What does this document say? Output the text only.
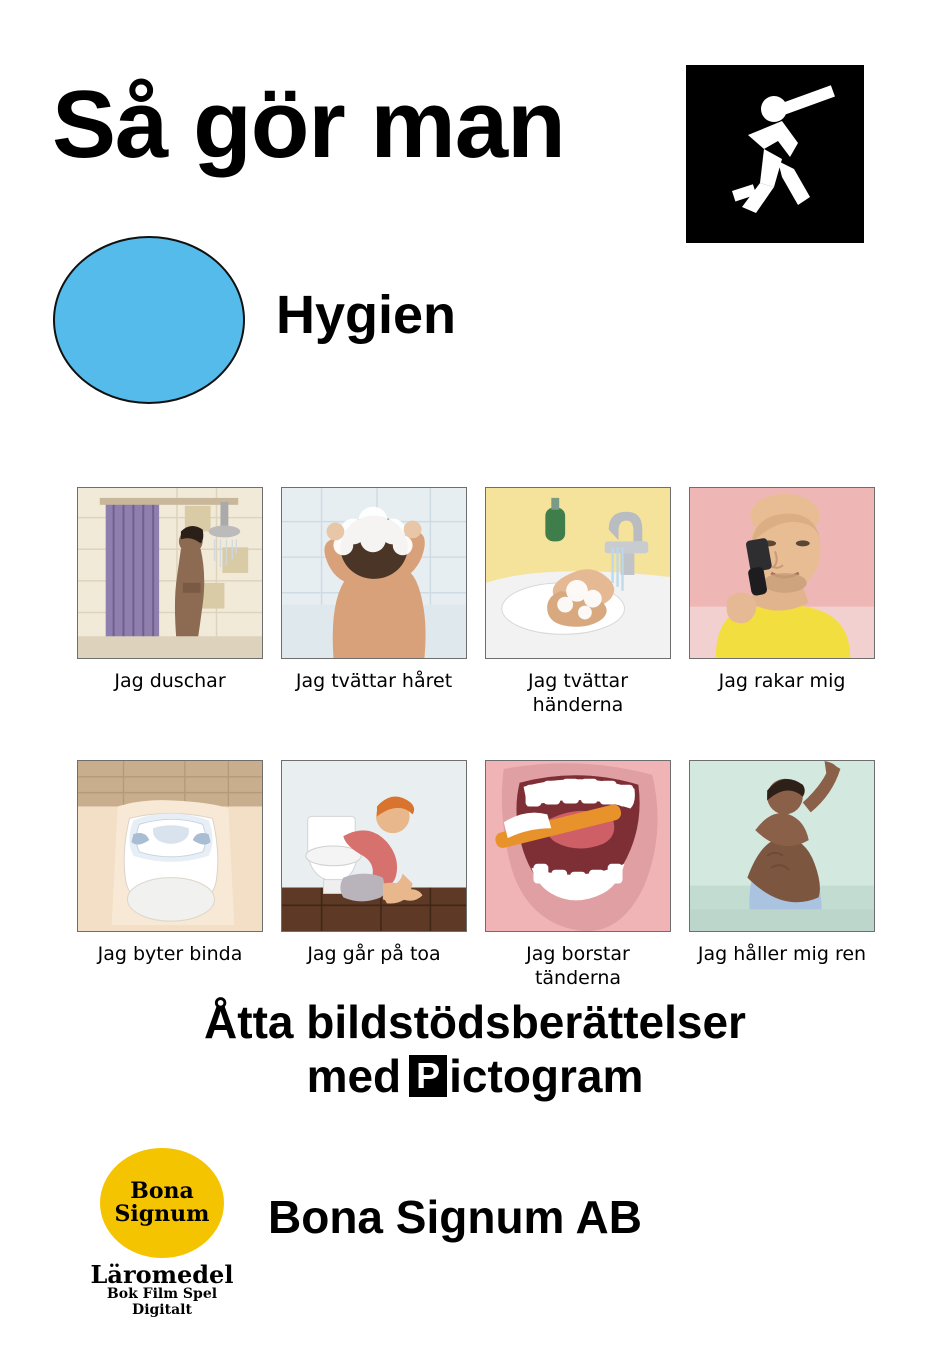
Så gör man
Hygien
Jag duschar	Jag tvättar håret	Jag tvättar händerna
Jag rakar mig
Jag byter binda	Jag går på toa	Jag borstar tänderna
Jag håller mig ren
Åtta bildstödsberättelser
med P ictogram
Bona
Signum
Läromedel
Bok Film Spel Digitalt
Bona Signum AB
